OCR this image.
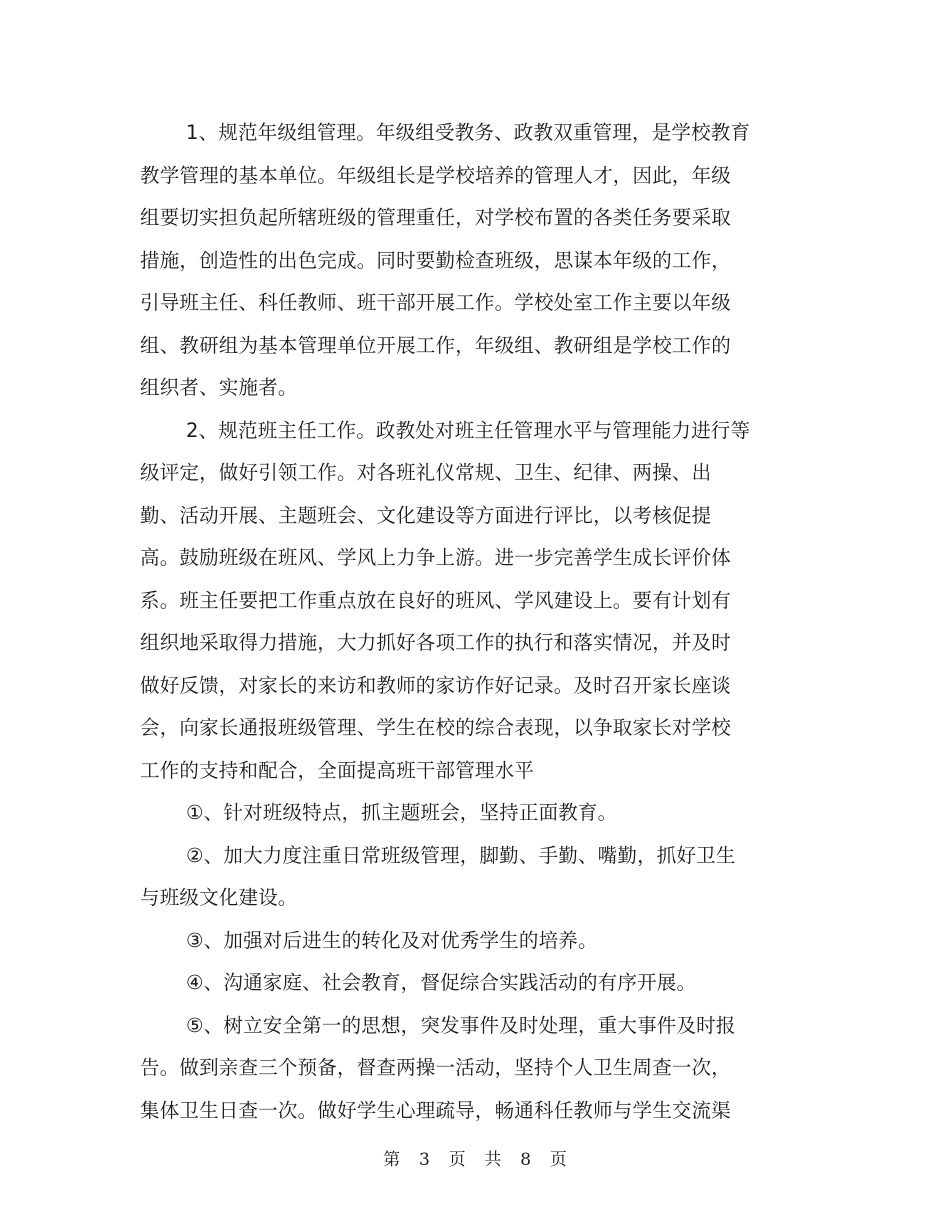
1、规范年级组管理。年级组受教务、政教双重管理，是学校教育
教学管理的基本单位。年级组长是学校培养的管理人才，因此，年级
组要切实担负起所辖班级的管理重任，对学校布置的各类任务要采取
措施，创造性的出色完成。同时要勤检查班级，思谋本年级的工作，
引导班主任、科任教师、班干部开展工作。学校处室工作主要以年级
组、教研组为基本管理单位开展工作，年级组、教研组是学校工作的
组织者、实施者。
2、规范班主任工作。政教处对班主任管理水平与管理能力进行等
级评定，做好引领工作。对各班礼仪常规、卫生、纪律、两操、出
勤、活动开展、主题班会、文化建设等方面进行评比，以考核促提
高。鼓励班级在班风、学风上力争上游。进一步完善学生成长评价体
系。班主任要把工作重点放在良好的班风、学风建设上。要有计划有
组织地采取得力措施，大力抓好各项工作的执行和落实情况，并及时
做好反馈，对家长的来访和教师的家访作好记录。及时召开家长座谈
会，向家长通报班级管理、学生在校的综合表现，以争取家长对学校
工作的支持和配合，全面提高班干部管理水平
①、针对班级特点，抓主题班会，坚持正面教育。
②、加大力度注重日常班级管理，脚勤、手勤、嘴勤，抓好卫生
与班级文化建设。
③、加强对后进生的转化及对优秀学生的培养。
④、沟通家庭、社会教育，督促综合实践活动的有序开展。
⑤、树立安全第一的思想，突发事件及时处理，重大事件及时报
告。做到亲查三个预备，督查两操一活动，坚持个人卫生周查一次，
集体卫生日查一次。做好学生心理疏导，畅通科任教师与学生交流渠
第 3 页 共 8 页
